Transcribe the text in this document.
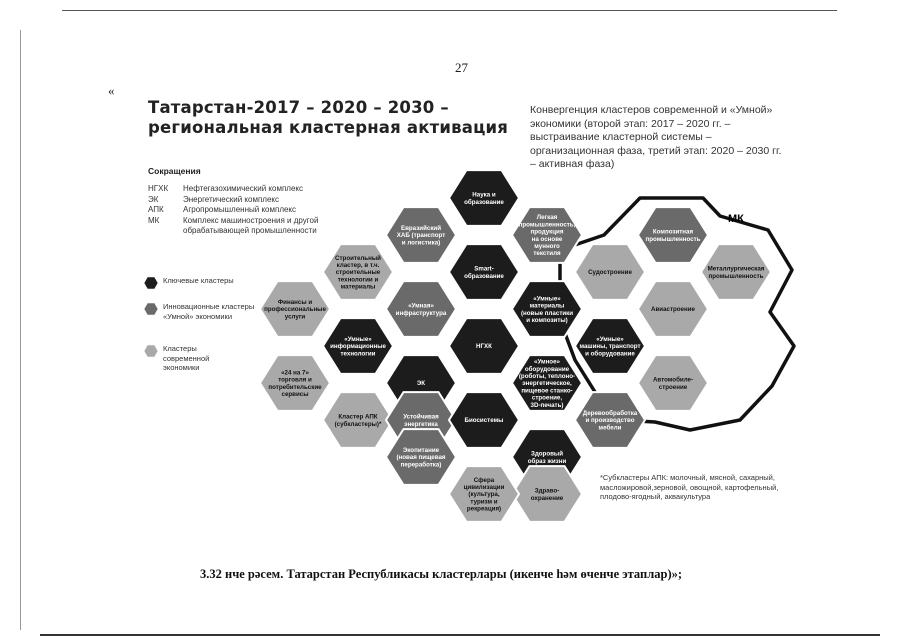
27
«
Татарстан-2017 – 2020 – 2030 –
региональная кластерная активация
Конвергенция кластеров современной и «Умной» экономики (второй этап: 2017 – 2020 гг. – выстраивание кластерной системы – организационная фаза, третий этап: 2020 – 2030 гг. – активная фаза)
Сокращения
НГХК	Нефтегазохимический комплекс
ЭК	Энергетический комплекс
АПК	Агропромышленный комплекс
МК	Комплекс машиностроения и другой обрабатывающей промышленности
Ключевые кластеры
Инновационные кластеры «Умной» экономики
Кластеры современной экономики
МК
Наука и
образование
Евразийский
ХАБ (транспорт
и логистика)
Smart-
образование
Легкая
промышленность,
продукция
на основе
мунного
текстиля
Строительный
кластер, в т.ч.
строительные
технологии и
материалы
«Умная»
инфраструктура
«Умные»
материалы
(новые пластики
и композиты)
Финансы и
профессиональные
услуги
«Умные»
информационные
технологии
НГХК
«Умные»
машины, транспорт
и оборудование
«24 на 7»
торговля и
потребительские
сервисы
ЭК
«Умное»
оборудование
(роботы, теплоно-
энергетическое,
пищевое станко-
строение,
3D-печать)
Кластер АПК
(субкластеры)*
Устойчивая
энергетика
Биосистемы
Экопитание
(новая пищевая
переработка)
Здоровый
образ жизни
Здраво-
охранение
Сфера
цивилизации
(культура,
туризм и
рекреация)
Композитная
промышленность
Судостроение
Металлургическая
промышленность
Авиастроение
Автомобиле-
строение
Деревообработка
и производство
мебели
*Субкластеры АПК: молочный, мясной, сахарный, масложировой,зерновой, овощной, картофельный, плодово-ягодный, аквакультура
3.32 нче рәсем. Татарстан Республикасы кластерлары (икенче һәм өченче этаплар)»;
